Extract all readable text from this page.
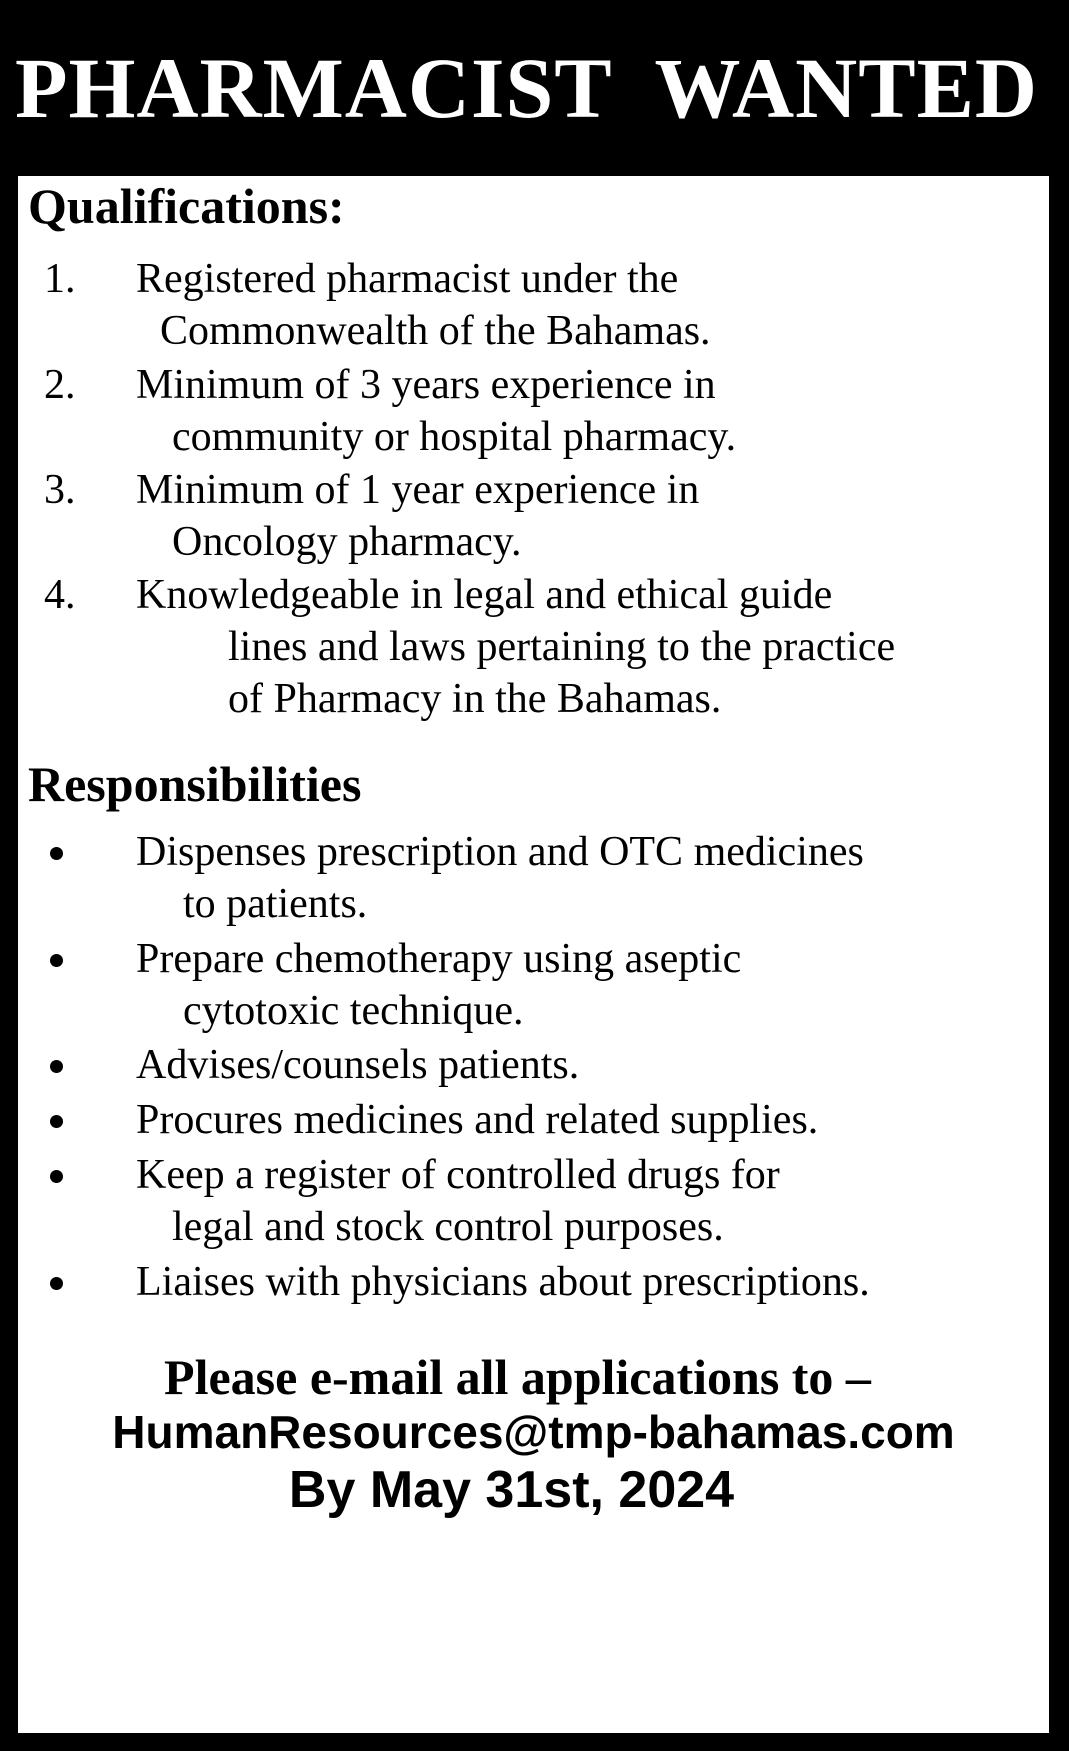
PHARMACIST  WANTED
Qualifications:
1. Registered pharmacist under the
Commonwealth of the Bahamas.
2. Minimum of 3 years experience in
community or hospital pharmacy.
3. Minimum of 1 year experience in
Oncology pharmacy.
4. Knowledgeable in legal and ethical guide
lines and laws pertaining to the practice
of Pharmacy in the Bahamas.
Responsibilities
Dispenses prescription and OTC medicines
to patients.
Prepare chemotherapy using aseptic
cytotoxic technique.
Advises/counsels patients.
Procures medicines and related supplies.
Keep a register of controlled drugs for
legal and stock control purposes.
Liaises with physicians about prescriptions.
Please e-mail all applications to –
HumanResources@tmp-bahamas.com
By May 31st, 2024
